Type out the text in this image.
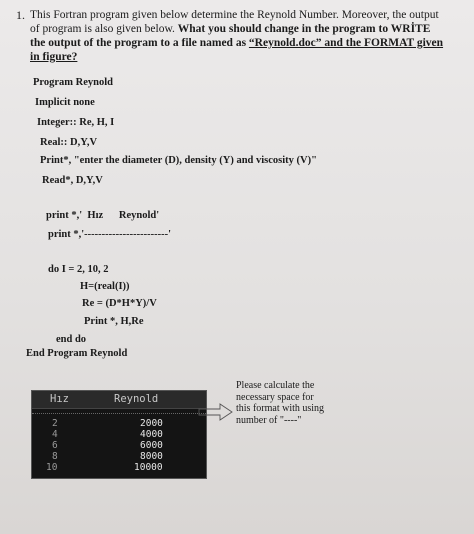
1. This Fortran program given below determine the Reynold Number. Moreover, the output of program is also given below. What you should change in the program to WRİTE the output of the program to a file named as “Reynold.doc” and the FORMAT given in figure?
Program Reynold
Implicit none
Integer:: Re, H, I
Real:: D,Y,V
Print*, "enter the diameter (D), density (Y) and viscosity (V)"
Read*, D,Y,V
print *,'  Hız      Reynold'
print *,'------------------------'
do I = 2, 10, 2
H=(real(I))
Re = (D*H*Y)/V
Print *, H,Re
end do
End Program Reynold
Hız	Reynold
2	2000
4	4000
6	6000
8	8000
10	10000
Please calculate the necessary space for this format with using number of "----"
